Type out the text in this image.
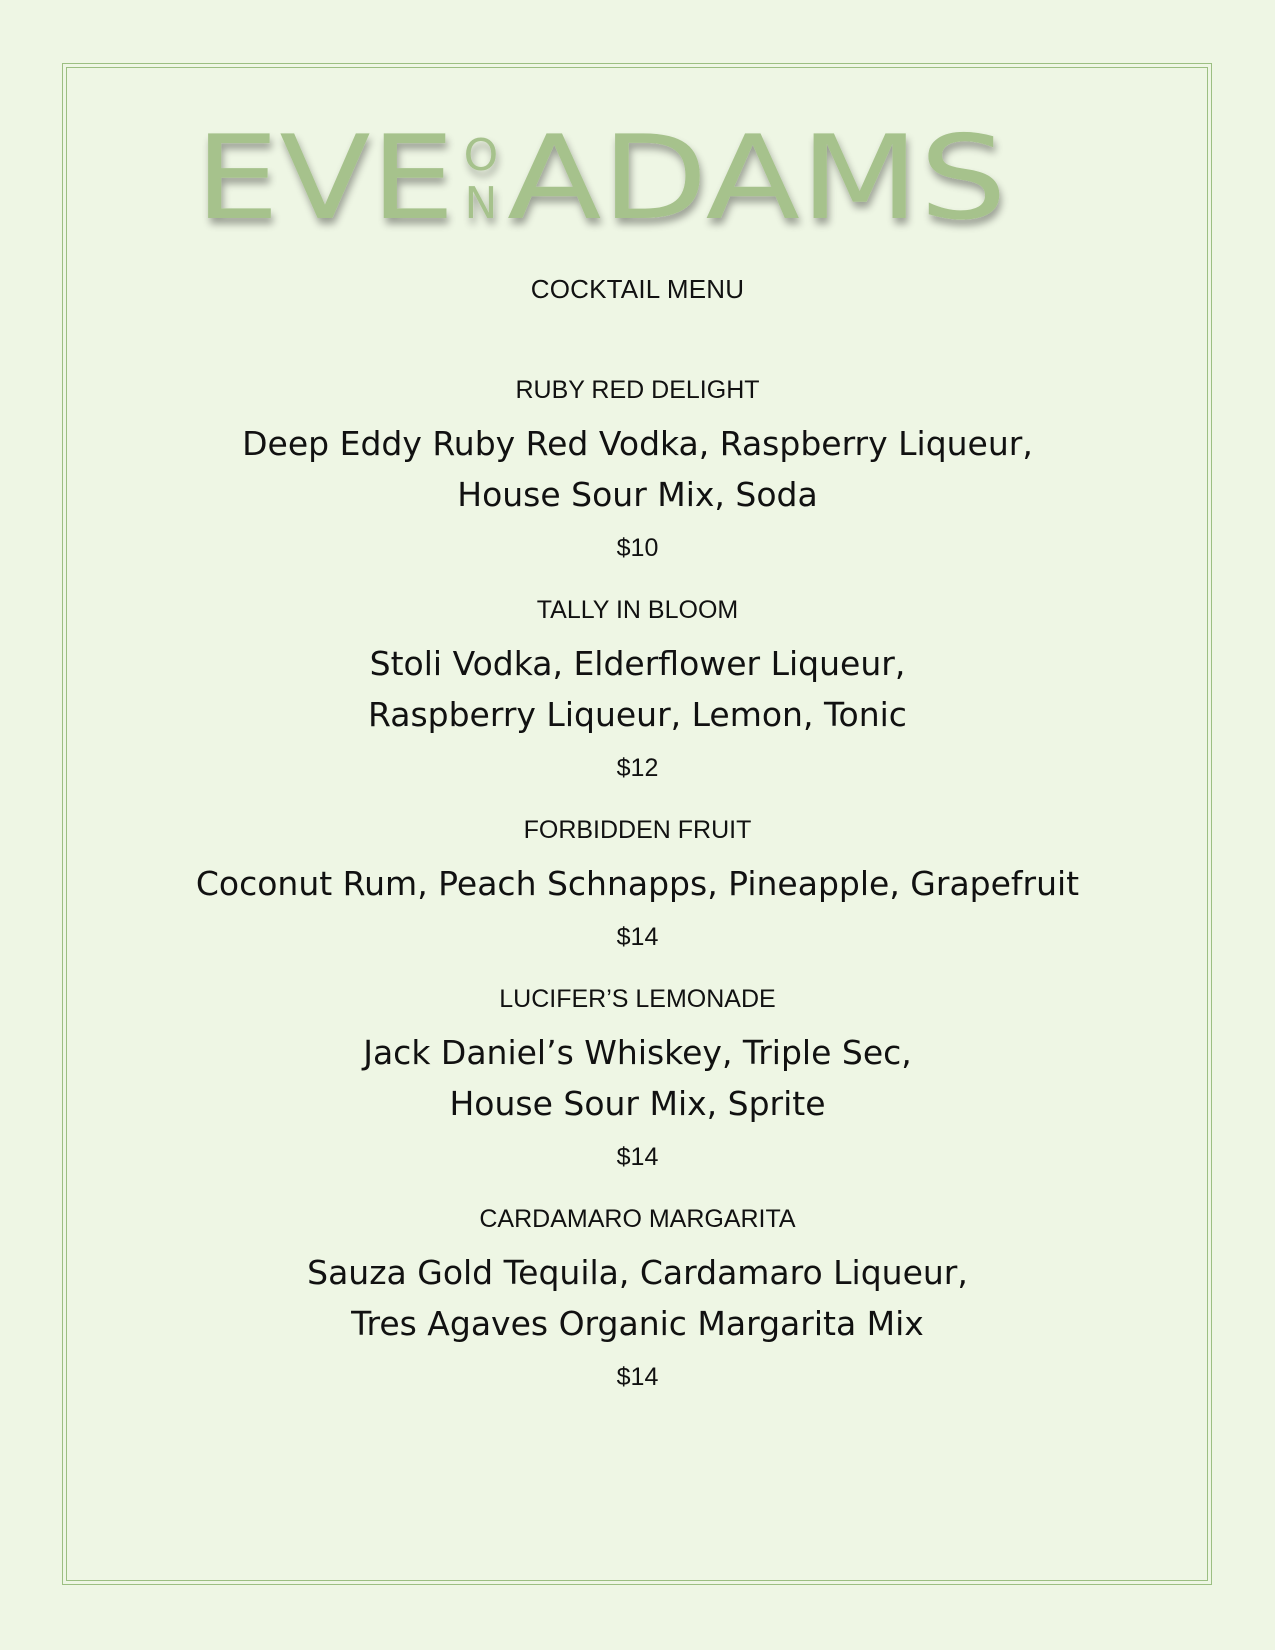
EVE O
N ADAMS
COCKTAIL MENU
RUBY RED DELIGHT
Deep Eddy Ruby Red Vodka, Raspberry Liqueur,
House Sour Mix, Soda
$10
TALLY IN BLOOM
Stoli Vodka, Elderflower Liqueur,
Raspberry Liqueur, Lemon, Tonic
$12
FORBIDDEN FRUIT
Coconut Rum, Peach Schnapps, Pineapple, Grapefruit
$14
LUCIFER’S LEMONADE
Jack Daniel’s Whiskey, Triple Sec,
House Sour Mix, Sprite
$14
CARDAMARO MARGARITA
Sauza Gold Tequila, Cardamaro Liqueur,
Tres Agaves Organic Margarita Mix
$14
